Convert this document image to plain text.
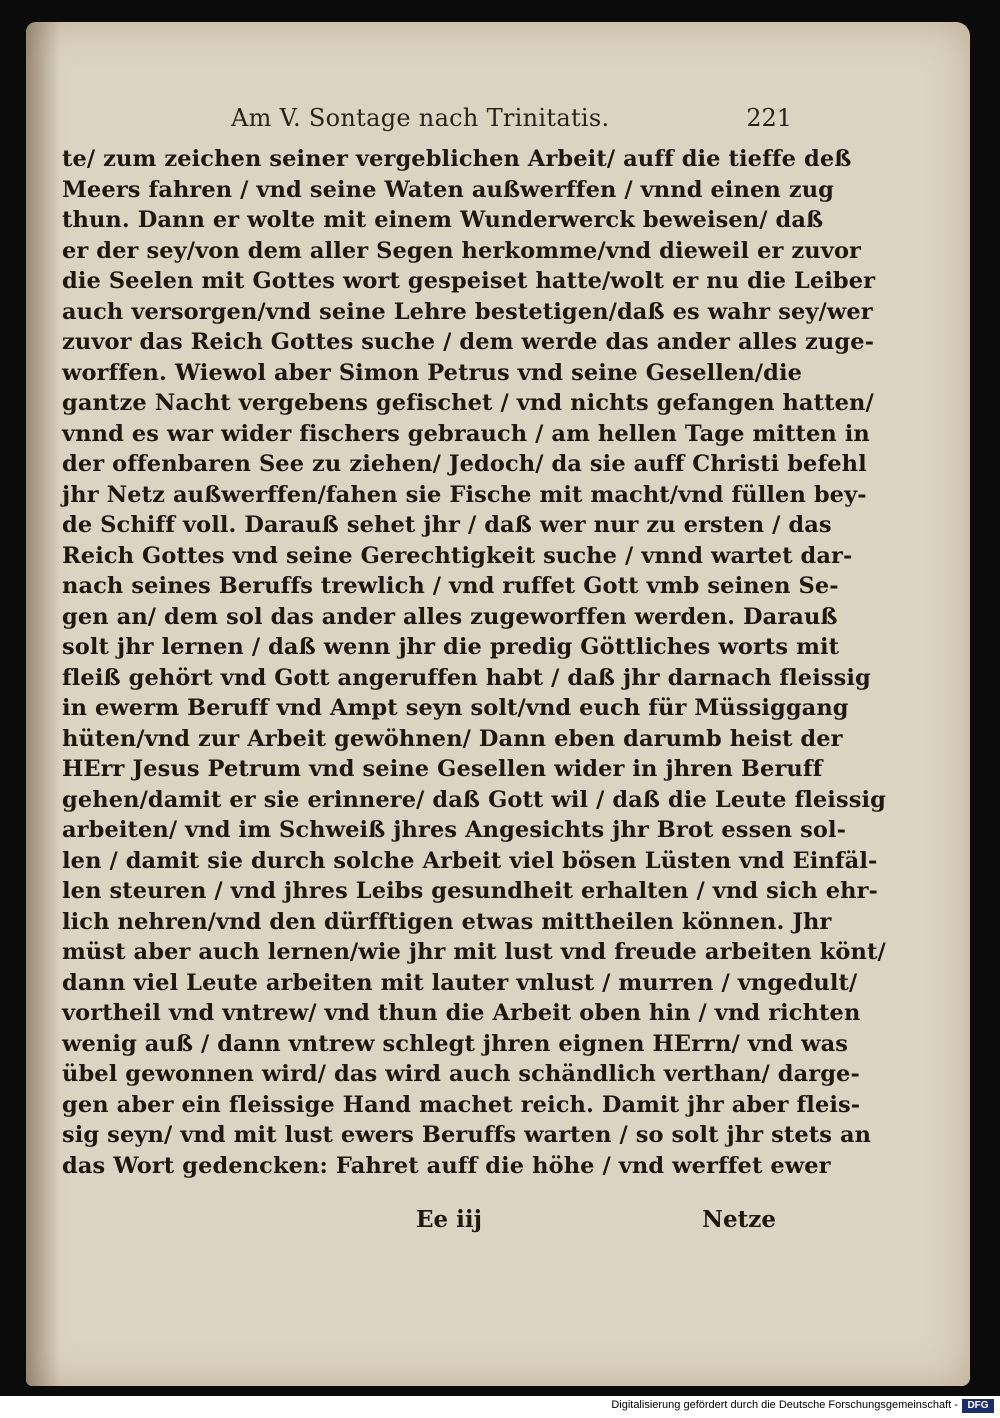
Am V. Sontage nach Trinitatis.	221
te/ zum zeichen seiner vergeblichen Arbeit/ auff die tieffe deß
Meers fahren / vnd seine Waten außwerffen / vnnd einen zug
thun. Dann er wolte mit einem Wunderwerck beweisen/ daß
er der sey/von dem aller Segen herkomme/vnd dieweil er zuvor
die Seelen mit Gottes wort gespeiset hatte/wolt er nu die Leiber
auch versorgen/vnd seine Lehre bestetigen/daß es wahr sey/wer
zuvor das Reich Gottes suche / dem werde das ander alles zuge-
worffen. Wiewol aber Simon Petrus vnd seine Gesellen/die
gantze Nacht vergebens gefischet / vnd nichts gefangen hatten/
vnnd es war wider fischers gebrauch / am hellen Tage mitten in
der offenbaren See zu ziehen/ Jedoch/ da sie auff Christi befehl
jhr Netz außwerffen/fahen sie Fische mit macht/vnd füllen bey-
de Schiff voll. Darauß sehet jhr / daß wer nur zu ersten / das
Reich Gottes vnd seine Gerechtigkeit suche / vnnd wartet dar-
nach seines Beruffs trewlich / vnd ruffet Gott vmb seinen Se-
gen an/ dem sol das ander alles zugeworffen werden. Darauß
solt jhr lernen / daß wenn jhr die predig Göttliches worts mit
fleiß gehört vnd Gott angeruffen habt / daß jhr darnach fleissig
in ewerm Beruff vnd Ampt seyn solt/vnd euch für Müssiggang
hüten/vnd zur Arbeit gewöhnen/ Dann eben darumb heist der
HErr Jesus Petrum vnd seine Gesellen wider in jhren Beruff
gehen/damit er sie erinnere/ daß Gott wil / daß die Leute fleissig
arbeiten/ vnd im Schweiß jhres Angesichts jhr Brot essen sol-
len / damit sie durch solche Arbeit viel bösen Lüsten vnd Einfäl-
len steuren / vnd jhres Leibs gesundheit erhalten / vnd sich ehr-
lich nehren/vnd den dürfftigen etwas mittheilen können. Jhr
müst aber auch lernen/wie jhr mit lust vnd freude arbeiten könt/
dann viel Leute arbeiten mit lauter vnlust / murren / vngedult/
vortheil vnd vntrew/ vnd thun die Arbeit oben hin / vnd richten
wenig auß / dann vntrew schlegt jhren eignen HErrn/ vnd was
übel gewonnen wird/ das wird auch schändlich verthan/ darge-
gen aber ein fleissige Hand machet reich. Damit jhr aber fleis-
sig seyn/ vnd mit lust ewers Beruffs warten / so solt jhr stets an
das Wort gedencken: Fahret auff die höhe / vnd werffet ewer
Ee iij	Netze
Digitalisierung gefördert durch die Deutsche Forschungsgemeinschaft - DFG
